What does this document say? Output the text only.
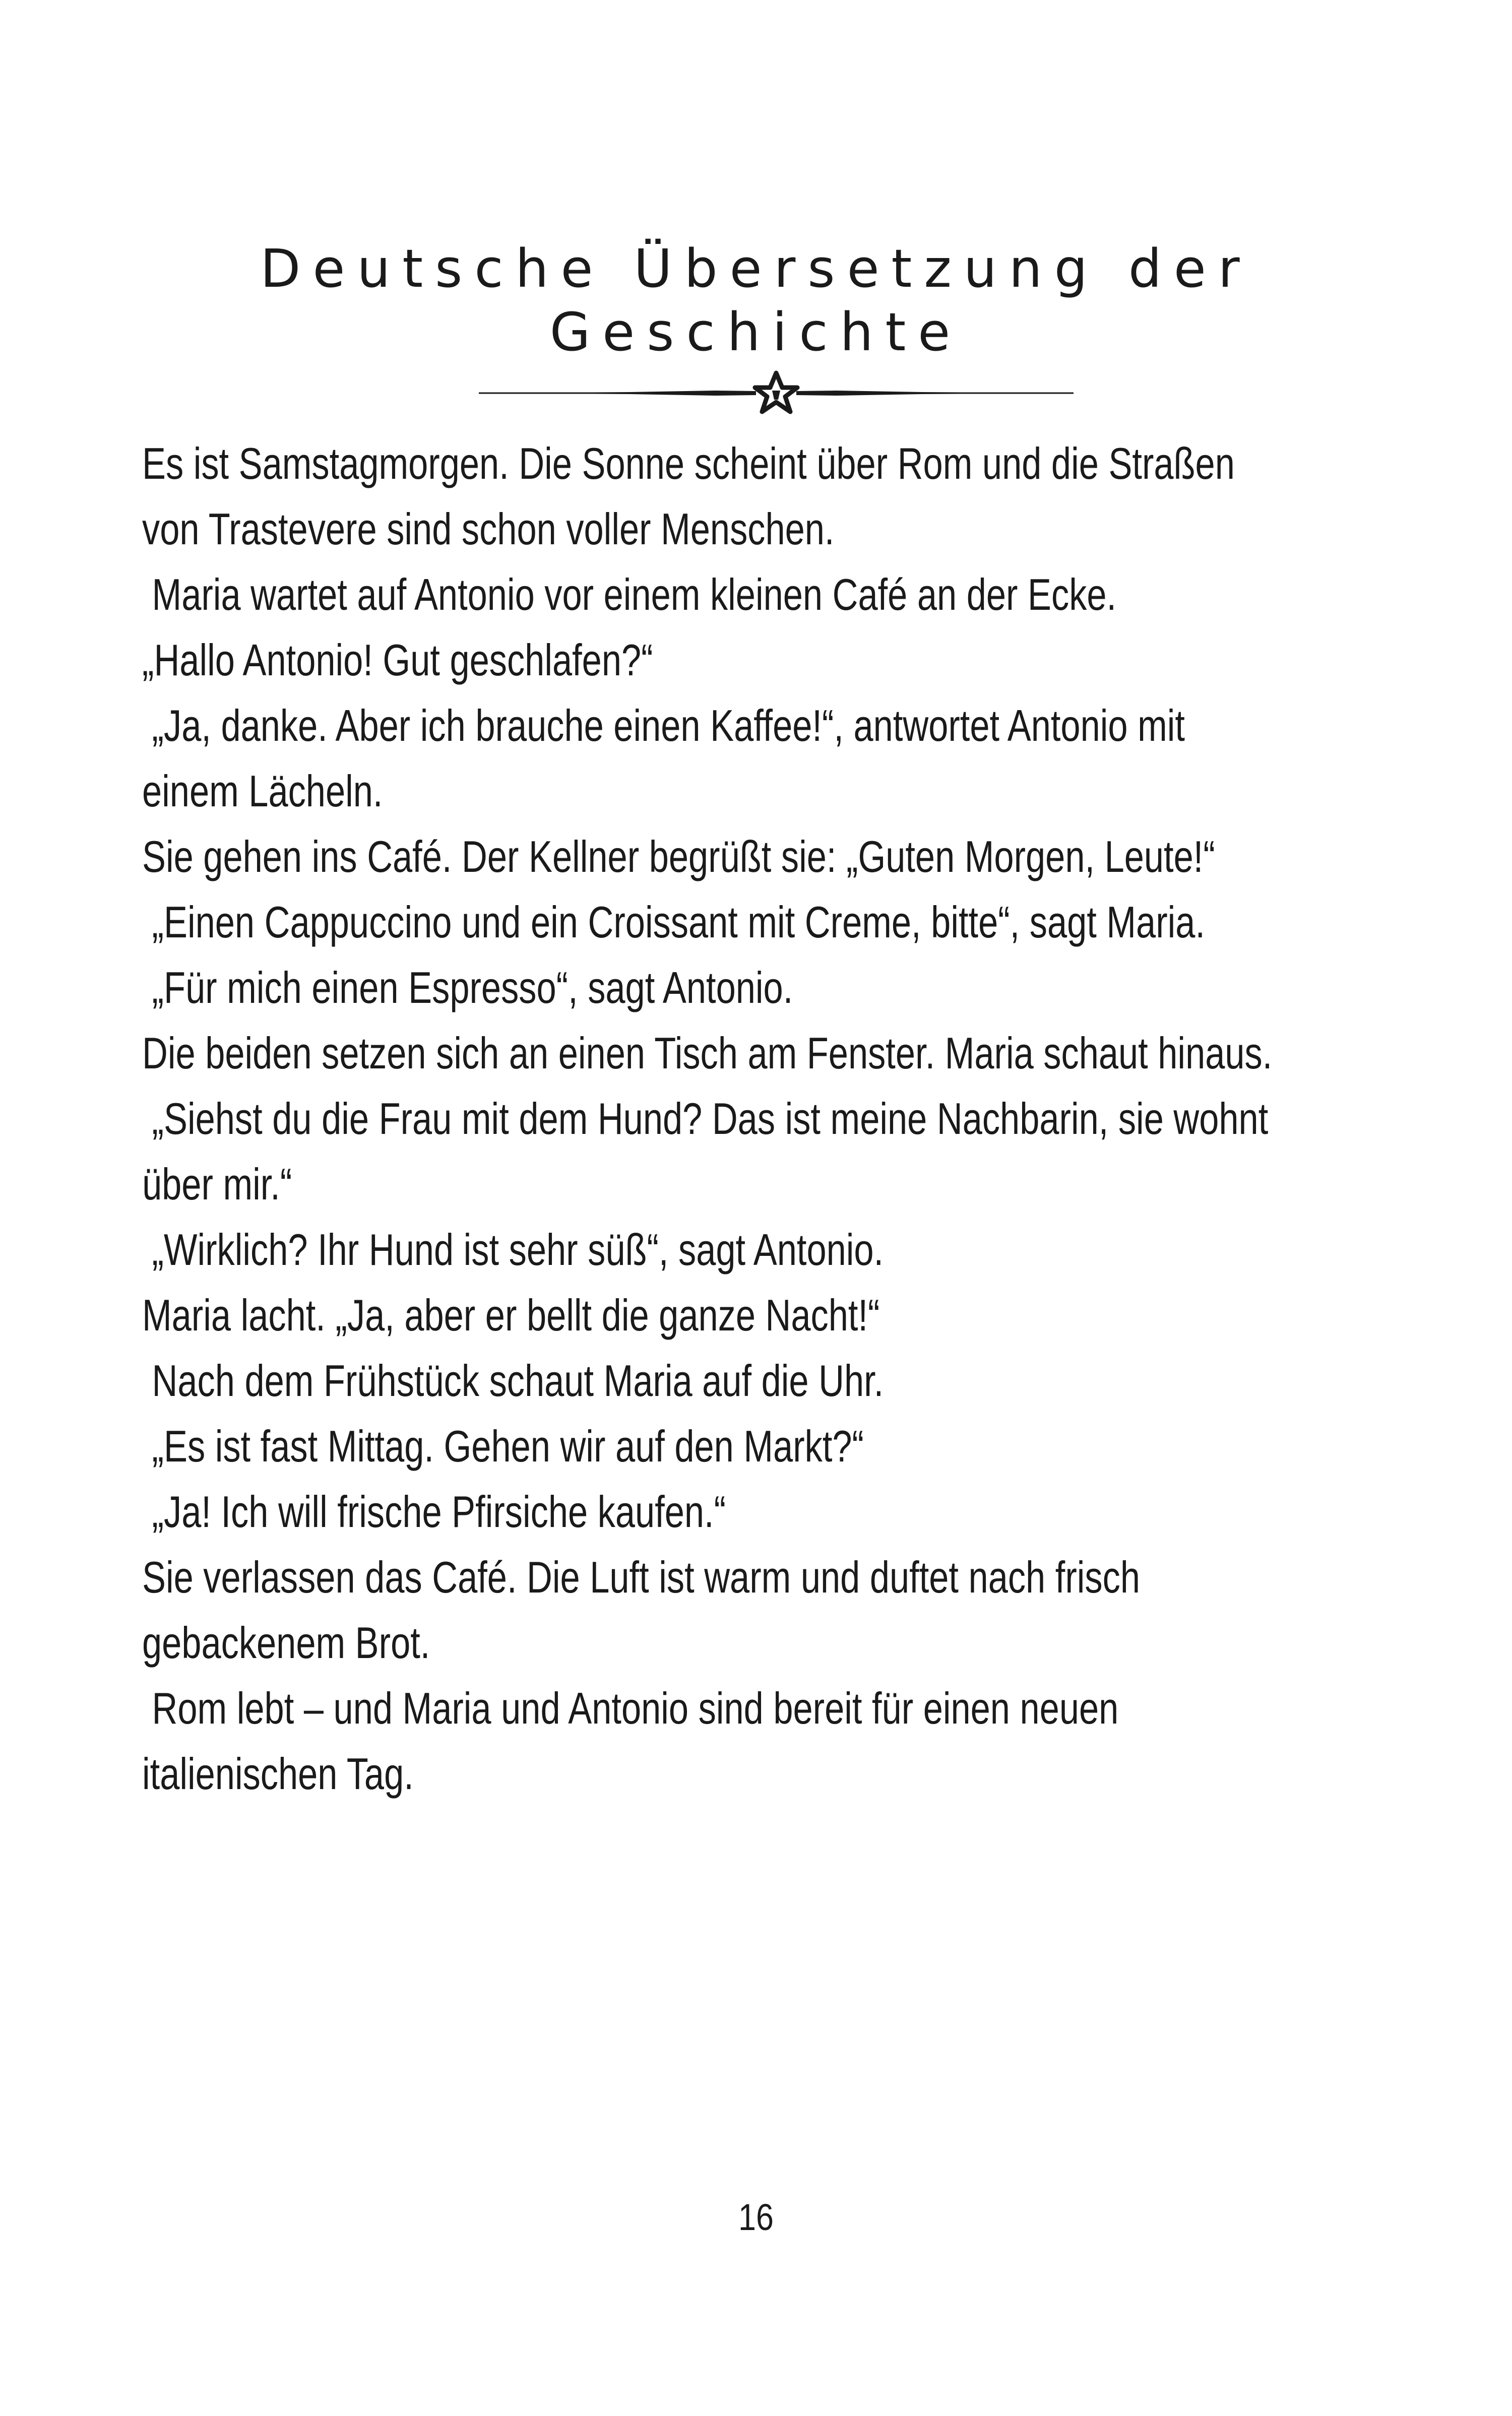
Deutsche Übersetzung der
Geschichte

Es ist Samstagmorgen. Die Sonne scheint über Rom und die Straßen

von Trastevere sind schon voller Menschen.

Maria wartet auf Antonio vor einem kleinen Café an der Ecke.

„Hallo Antonio! Gut geschlafen?“

„Ja, danke. Aber ich brauche einen Kaffee!“, antwortet Antonio mit

einem Lächeln.

Sie gehen ins Café. Der Kellner begrüßt sie: „Guten Morgen, Leute!“

„Einen Cappuccino und ein Croissant mit Creme, bitte“, sagt Maria.

„Für mich einen Espresso“, sagt Antonio.

Die beiden setzen sich an einen Tisch am Fenster. Maria schaut hinaus.

„Siehst du die Frau mit dem Hund? Das ist meine Nachbarin, sie wohnt

über mir.“

„Wirklich? Ihr Hund ist sehr süß“, sagt Antonio.

Maria lacht. „Ja, aber er bellt die ganze Nacht!“

Nach dem Frühstück schaut Maria auf die Uhr.

„Es ist fast Mittag. Gehen wir auf den Markt?“

„Ja! Ich will frische Pfirsiche kaufen.“

Sie verlassen das Café. Die Luft ist warm und duftet nach frisch

gebackenem Brot.

Rom lebt – und Maria und Antonio sind bereit für einen neuen

italienischen Tag.

16
